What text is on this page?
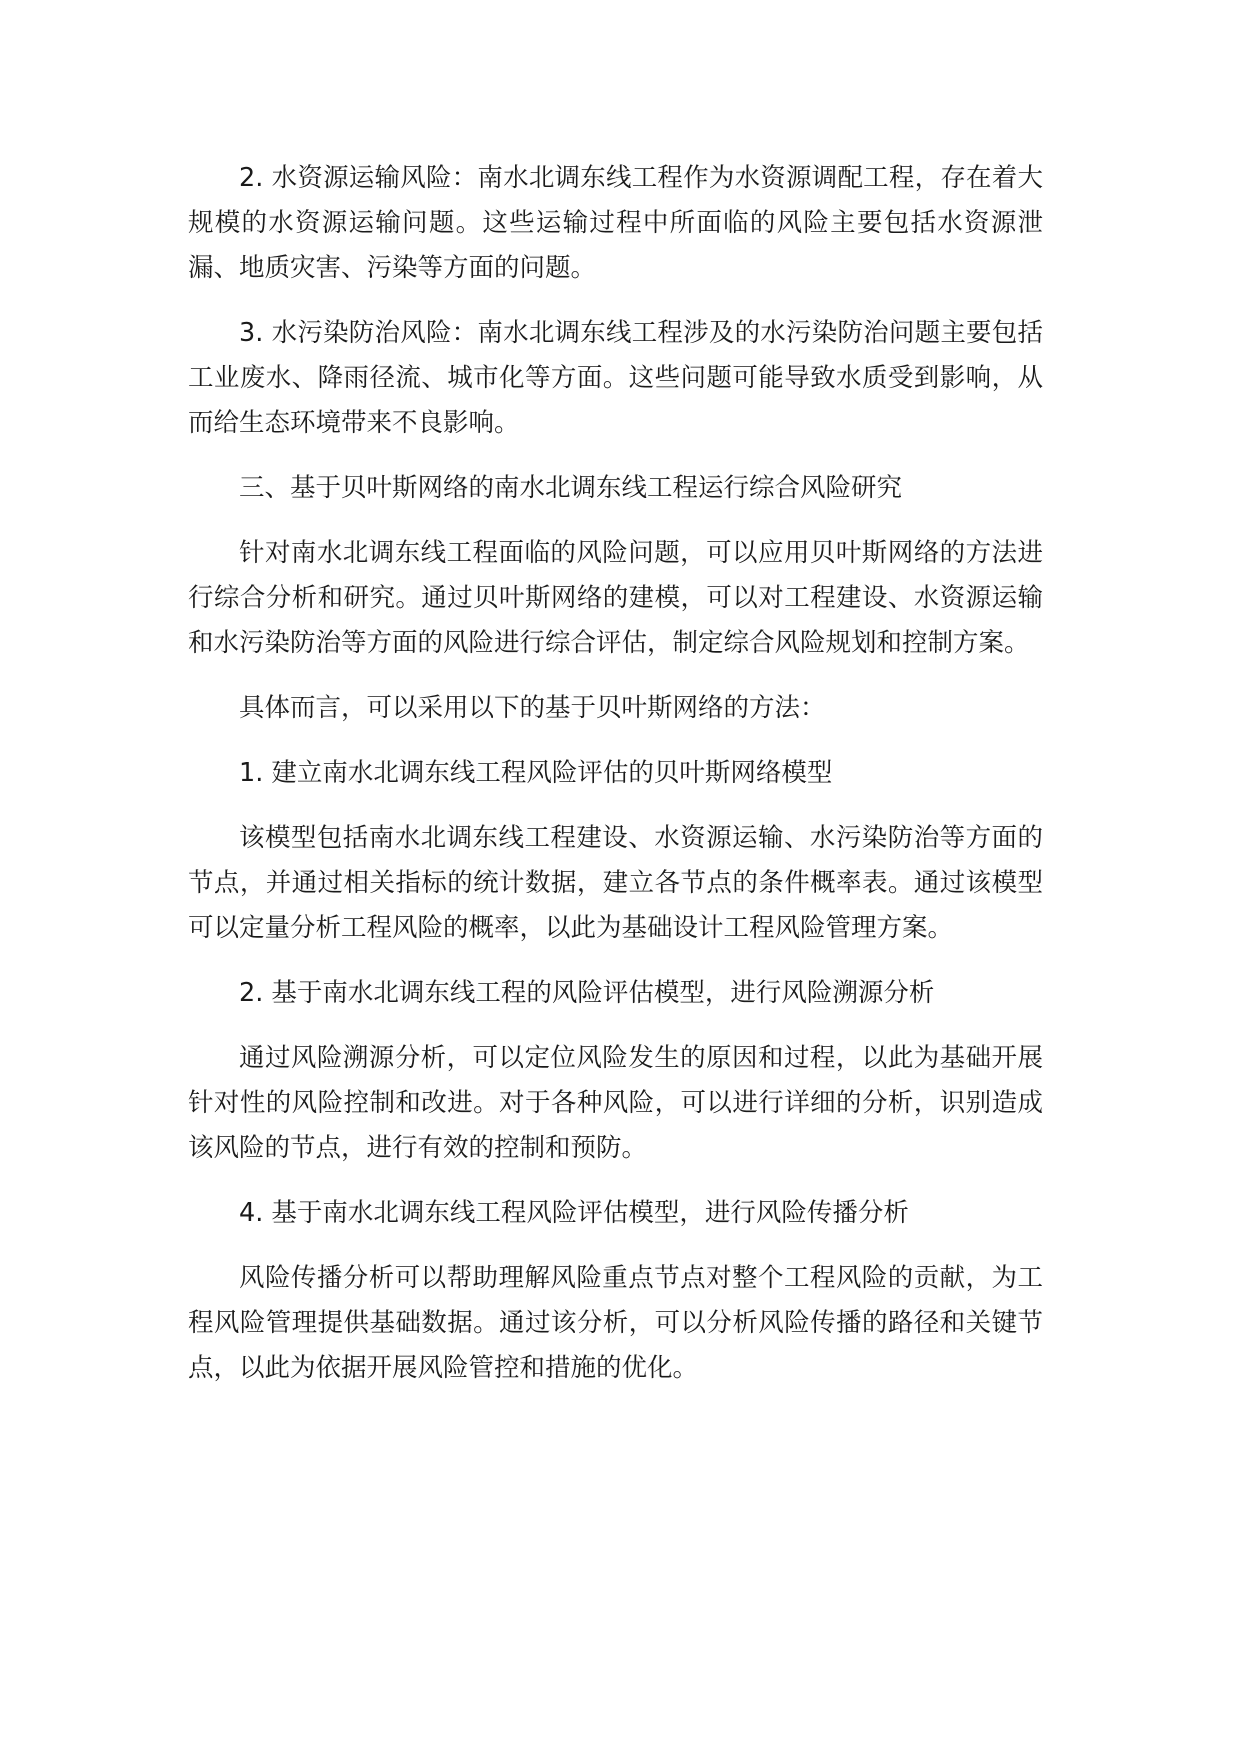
2. 水资源运输风险：南水北调东线工程作为水资源调配工程，存在着大规模的水资源运输问题。这些运输过程中所面临的风险主要包括水资源泄漏、地质灾害、污染等方面的问题。

3. 水污染防治风险：南水北调东线工程涉及的水污染防治问题主要包括工业废水、降雨径流、城市化等方面。这些问题可能导致水质受到影响，从而给生态环境带来不良影响。

三、基于贝叶斯网络的南水北调东线工程运行综合风险研究

针对南水北调东线工程面临的风险问题，可以应用贝叶斯网络的方法进行综合分析和研究。通过贝叶斯网络的建模，可以对工程建设、水资源运输和水污染防治等方面的风险进行综合评估，制定综合风险规划和控制方案。

具体而言，可以采用以下的基于贝叶斯网络的方法：

1. 建立南水北调东线工程风险评估的贝叶斯网络模型

该模型包括南水北调东线工程建设、水资源运输、水污染防治等方面的节点，并通过相关指标的统计数据，建立各节点的条件概率表。通过该模型可以定量分析工程风险的概率，以此为基础设计工程风险管理方案。

2. 基于南水北调东线工程的风险评估模型，进行风险溯源分析

通过风险溯源分析，可以定位风险发生的原因和过程，以此为基础开展针对性的风险控制和改进。对于各种风险，可以进行详细的分析，识别造成该风险的节点，进行有效的控制和预防。

4. 基于南水北调东线工程风险评估模型，进行风险传播分析

风险传播分析可以帮助理解风险重点节点对整个工程风险的贡献，为工程风险管理提供基础数据。通过该分析，可以分析风险传播的路径和关键节点，以此为依据开展风险管控和措施的优化。
